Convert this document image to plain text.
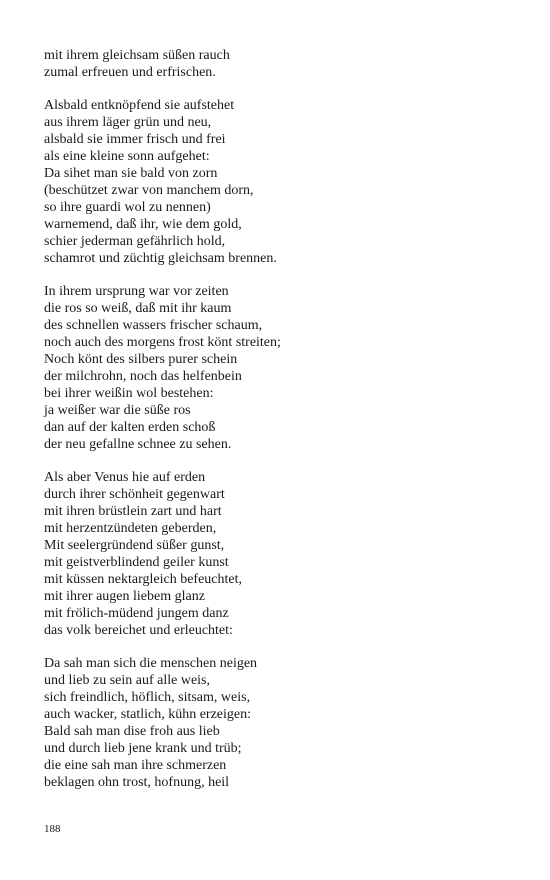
mit ihrem gleichsam süßen rauch
zumal erfreuen und erfrischen.
Alsbald entknöpfend sie aufstehet
aus ihrem läger grün und neu,
alsbald sie immer frisch und frei
als eine kleine sonn aufgehet:
Da sihet man sie bald von zorn
(beschützet zwar von manchem dorn,
so ihre guardi wol zu nennen)
warnemend, daß ihr, wie dem gold,
schier jederman gefährlich hold,
schamrot und züchtig gleichsam brennen.
In ihrem ursprung war vor zeiten
die ros so weiß, daß mit ihr kaum
des schnellen wassers frischer schaum,
noch auch des morgens frost könt streiten;
Noch könt des silbers purer schein
der milchrohn, noch das helfenbein
bei ihrer weißin wol bestehen:
ja weißer war die süße ros
dan auf der kalten erden schoß
der neu gefallne schnee zu sehen.
Als aber Venus hie auf erden
durch ihrer schönheit gegenwart
mit ihren brüstlein zart und hart
mit herzentzündeten geberden,
Mit seelergründend süßer gunst,
mit geistverblindend geiler kunst
mit küssen nektargleich befeuchtet,
mit ihrer augen liebem glanz
mit frölich-müdend jungem danz
das volk bereichet und erleuchtet:
Da sah man sich die menschen neigen
und lieb zu sein auf alle weis,
sich freindlich, höflich, sitsam, weis,
auch wacker, statlich, kühn erzeigen:
Bald sah man dise froh aus lieb
und durch lieb jene krank und trüb;
die eine sah man ihre schmerzen
beklagen ohn trost, hofnung, heil
188
